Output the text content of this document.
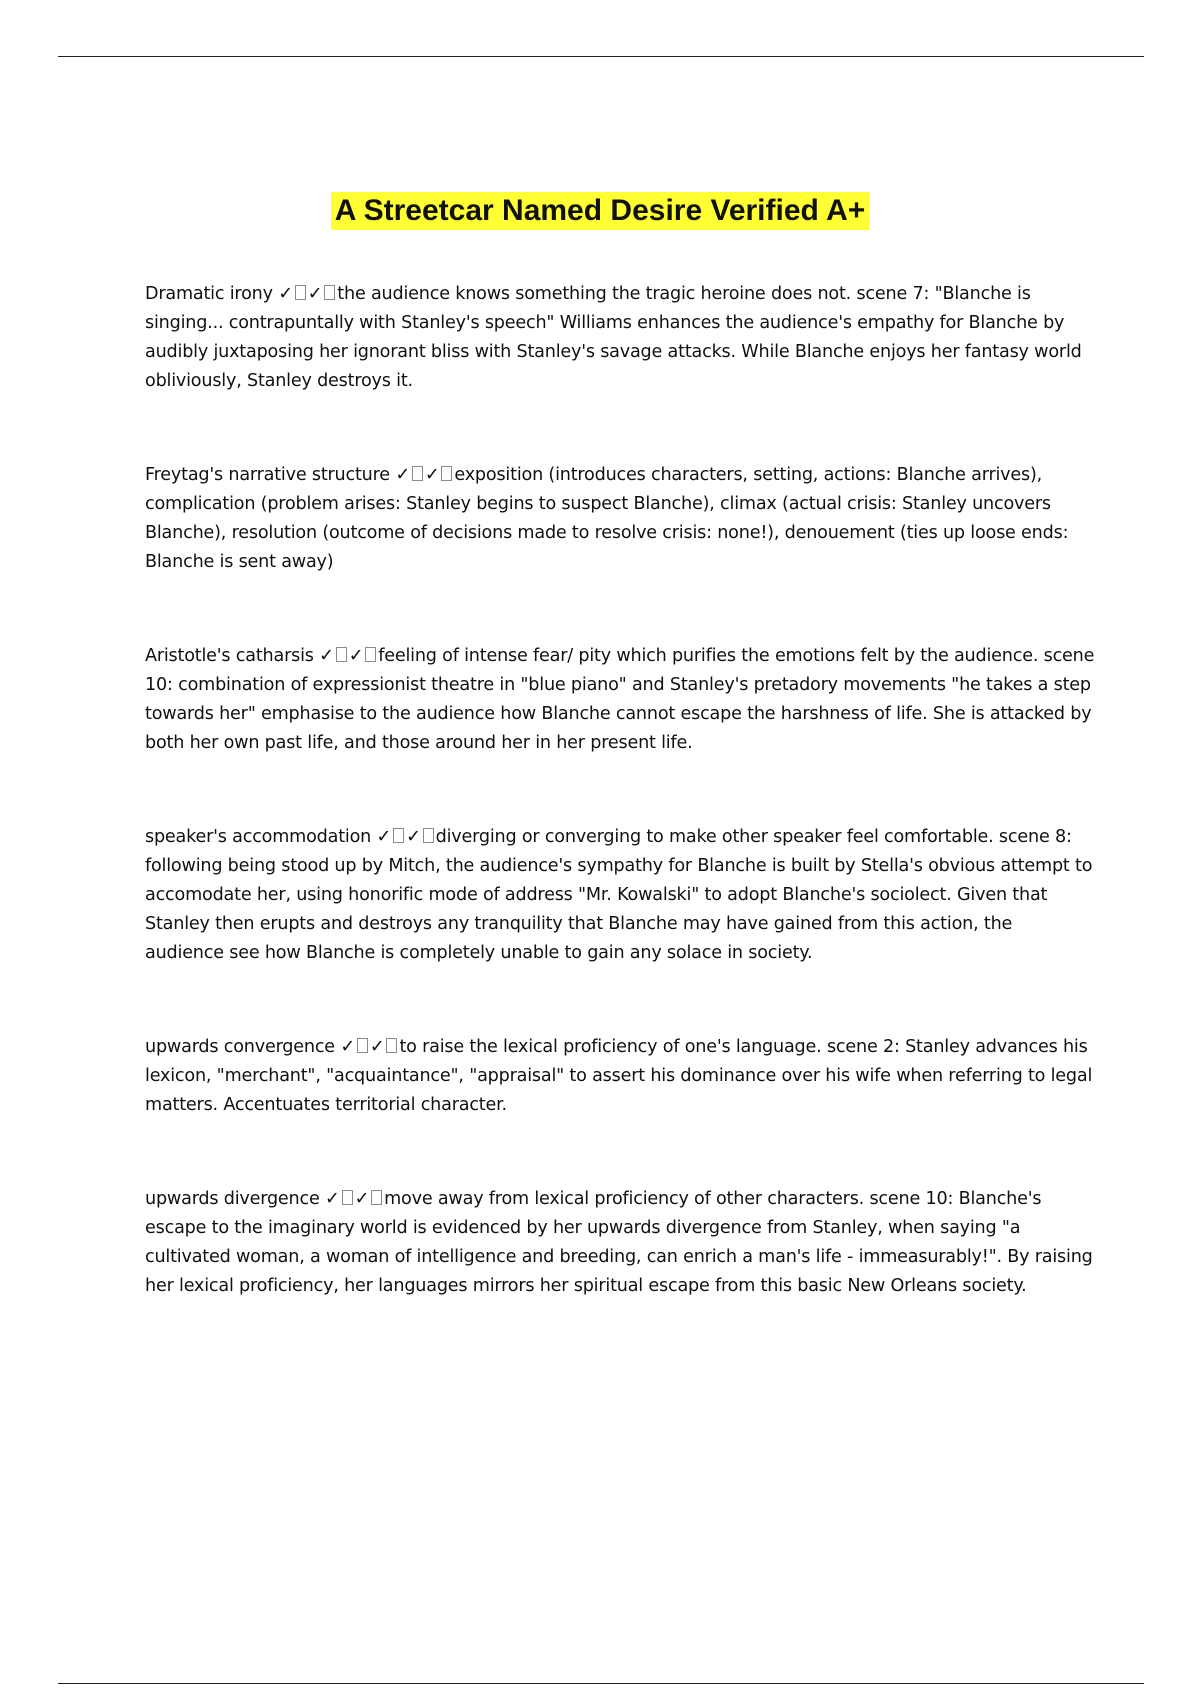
A Streetcar Named Desire Verified A+

Dramatic irony ✓ ✓ the audience knows something the tragic heroine does not. scene 7: "Blanche is singing... contrapuntally with Stanley's speech" Williams enhances the audience's empathy for Blanche by audibly juxtaposing her ignorant bliss with Stanley's savage attacks. While Blanche enjoys her fantasy world obliviously, Stanley destroys it.

Freytag's narrative structure ✓ ✓ exposition (introduces characters, setting, actions: Blanche arrives), complication (problem arises: Stanley begins to suspect Blanche), climax (actual crisis: Stanley uncovers Blanche), resolution (outcome of decisions made to resolve crisis: none!), denouement (ties up loose ends: Blanche is sent away)

Aristotle's catharsis ✓ ✓ feeling of intense fear/ pity which purifies the emotions felt by the audience. scene 10: combination of expressionist theatre in "blue piano" and Stanley's pretadory movements "he takes a step towards her" emphasise to the audience how Blanche cannot escape the harshness of life. She is attacked by both her own past life, and those around her in her present life.

speaker's accommodation ✓ ✓ diverging or converging to make other speaker feel comfortable. scene 8: following being stood up by Mitch, the audience's sympathy for Blanche is built by Stella's obvious attempt to accomodate her, using honorific mode of address "Mr. Kowalski" to adopt Blanche's sociolect. Given that Stanley then erupts and destroys any tranquility that Blanche may have gained from this action, the audience see how Blanche is completely unable to gain any solace in society.

upwards convergence ✓ ✓ to raise the lexical proficiency of one's language. scene 2: Stanley advances his lexicon, "merchant", "acquaintance", "appraisal" to assert his dominance over his wife when referring to legal matters. Accentuates territorial character.

upwards divergence ✓ ✓ move away from lexical proficiency of other characters. scene 10: Blanche's escape to the imaginary world is evidenced by her upwards divergence from Stanley, when saying "a cultivated woman, a woman of intelligence and breeding, can enrich a man's life - immeasurably!". By raising her lexical proficiency, her languages mirrors her spiritual escape from this basic New Orleans society.
